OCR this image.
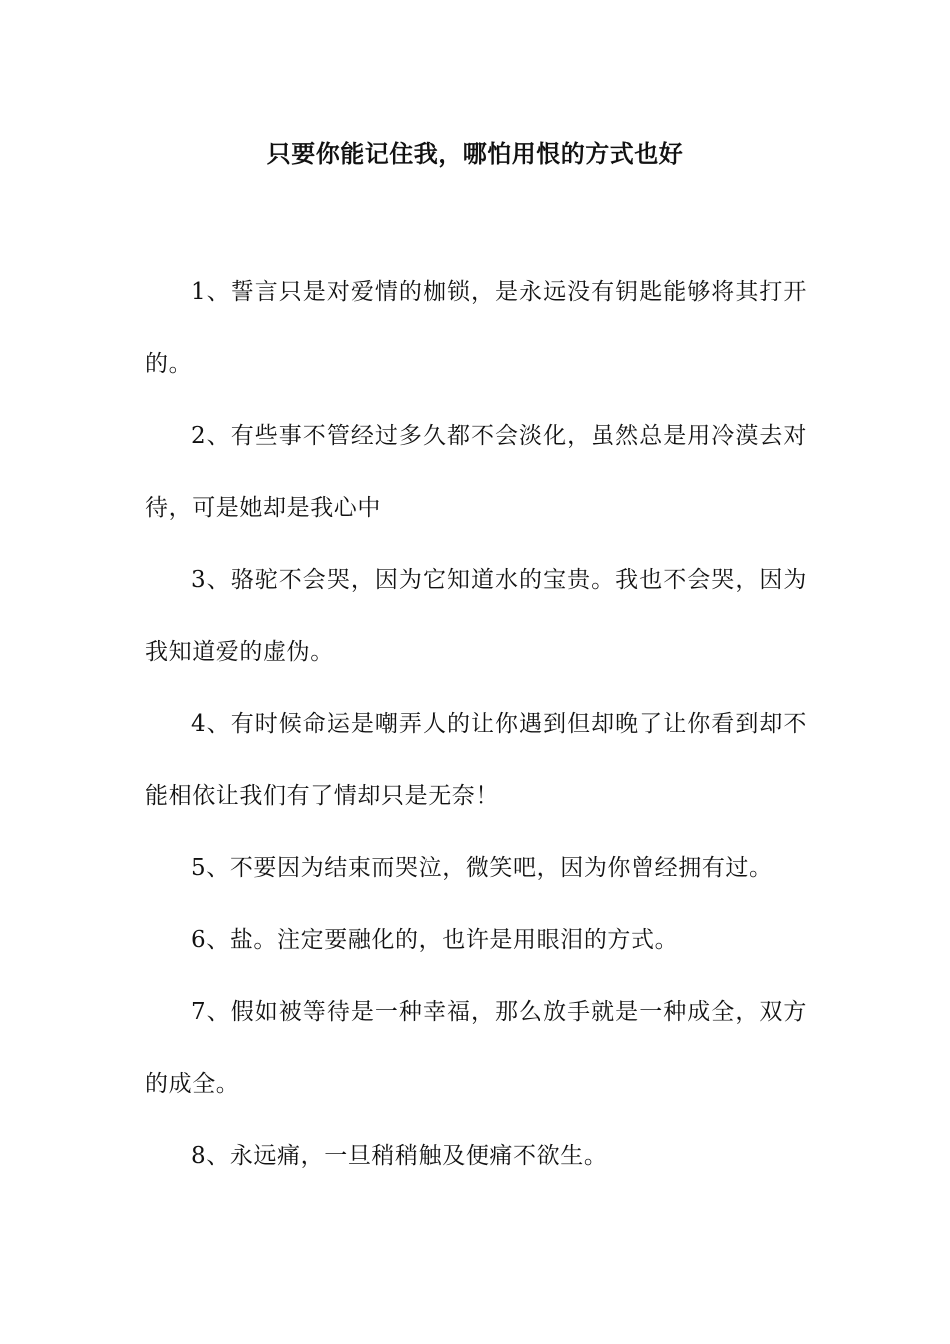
只要你能记住我，哪怕用恨的方式也好

1、誓言只是对爱情的枷锁，是永远没有钥匙能够将其打开的。

2、有些事不管经过多久都不会淡化，虽然总是用冷漠去对待，可是她却是我心中

3、骆驼不会哭，因为它知道水的宝贵。我也不会哭，因为我知道爱的虚伪。

4、有时候命运是嘲弄人的让你遇到但却晚了让你看到却不能相依让我们有了情却只是无奈！

5、不要因为结束而哭泣，微笑吧，因为你曾经拥有过。

6、盐。注定要融化的，也许是用眼泪的方式。

7、假如被等待是一种幸福，那么放手就是一种成全，双方的成全。

8、永远痛，一旦稍稍触及便痛不欲生。
